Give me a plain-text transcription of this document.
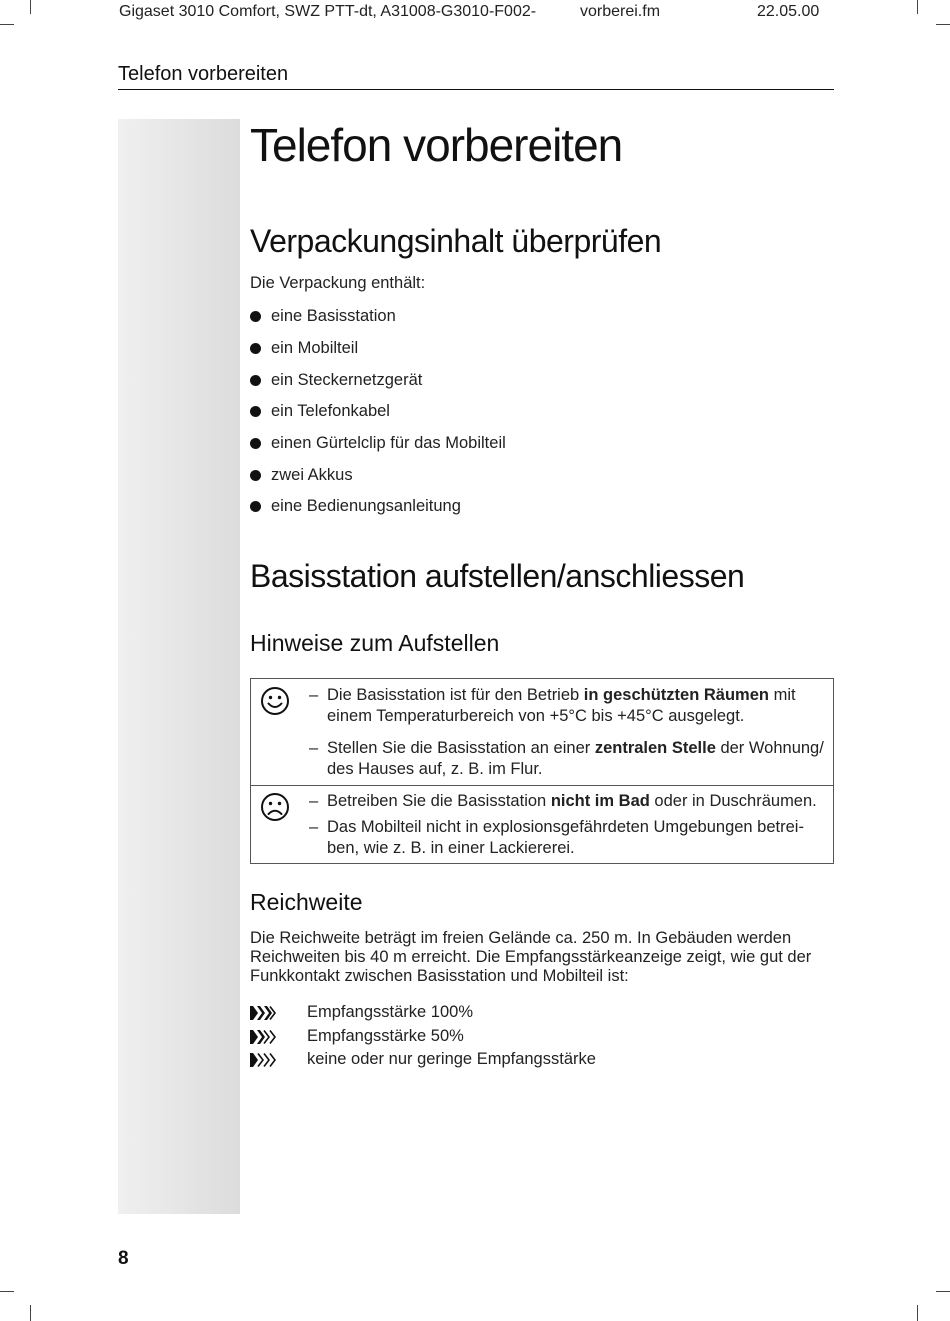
Gigaset 3010 Comfort, SWZ PTT-dt, A31008-G3010-F002-	vorberei.fm	22.05.00
Telefon vorbereiten
Telefon vorbereiten
Verpackungsinhalt überprüfen
Die Verpackung enthält:
eine Basisstation
ein Mobilteil
ein Steckernetzgerät
ein Telefonkabel
einen Gürtelclip für das Mobilteil
zwei Akkus
eine Bedienungsanleitung
Basisstation aufstellen/anschliessen
Hinweise zum Aufstellen
– Die Basisstation ist für den Betrieb in geschützten Räumen mit einem Temperaturbereich von +5°C bis +45°C ausgelegt.
– Stellen Sie die Basisstation an einer zentralen Stelle der Wohnung/ des Hauses auf, z. B. im Flur.
– Betreiben Sie die Basisstation nicht im Bad oder in Duschräumen.
– Das Mobilteil nicht in explosionsgefährdeten Umgebungen betrei-ben, wie z. B. in einer Lackiererei.
Reichweite
Die Reichweite beträgt im freien Gelände ca. 250 m. In Gebäuden werden
Reichweiten bis 40 m erreicht. Die Empfangsstärkeanzeige zeigt, wie gut der
Funkkontakt zwischen Basisstation und Mobilteil ist:
Empfangsstärke 100%
Empfangsstärke 50%
keine oder nur geringe Empfangsstärke
8
